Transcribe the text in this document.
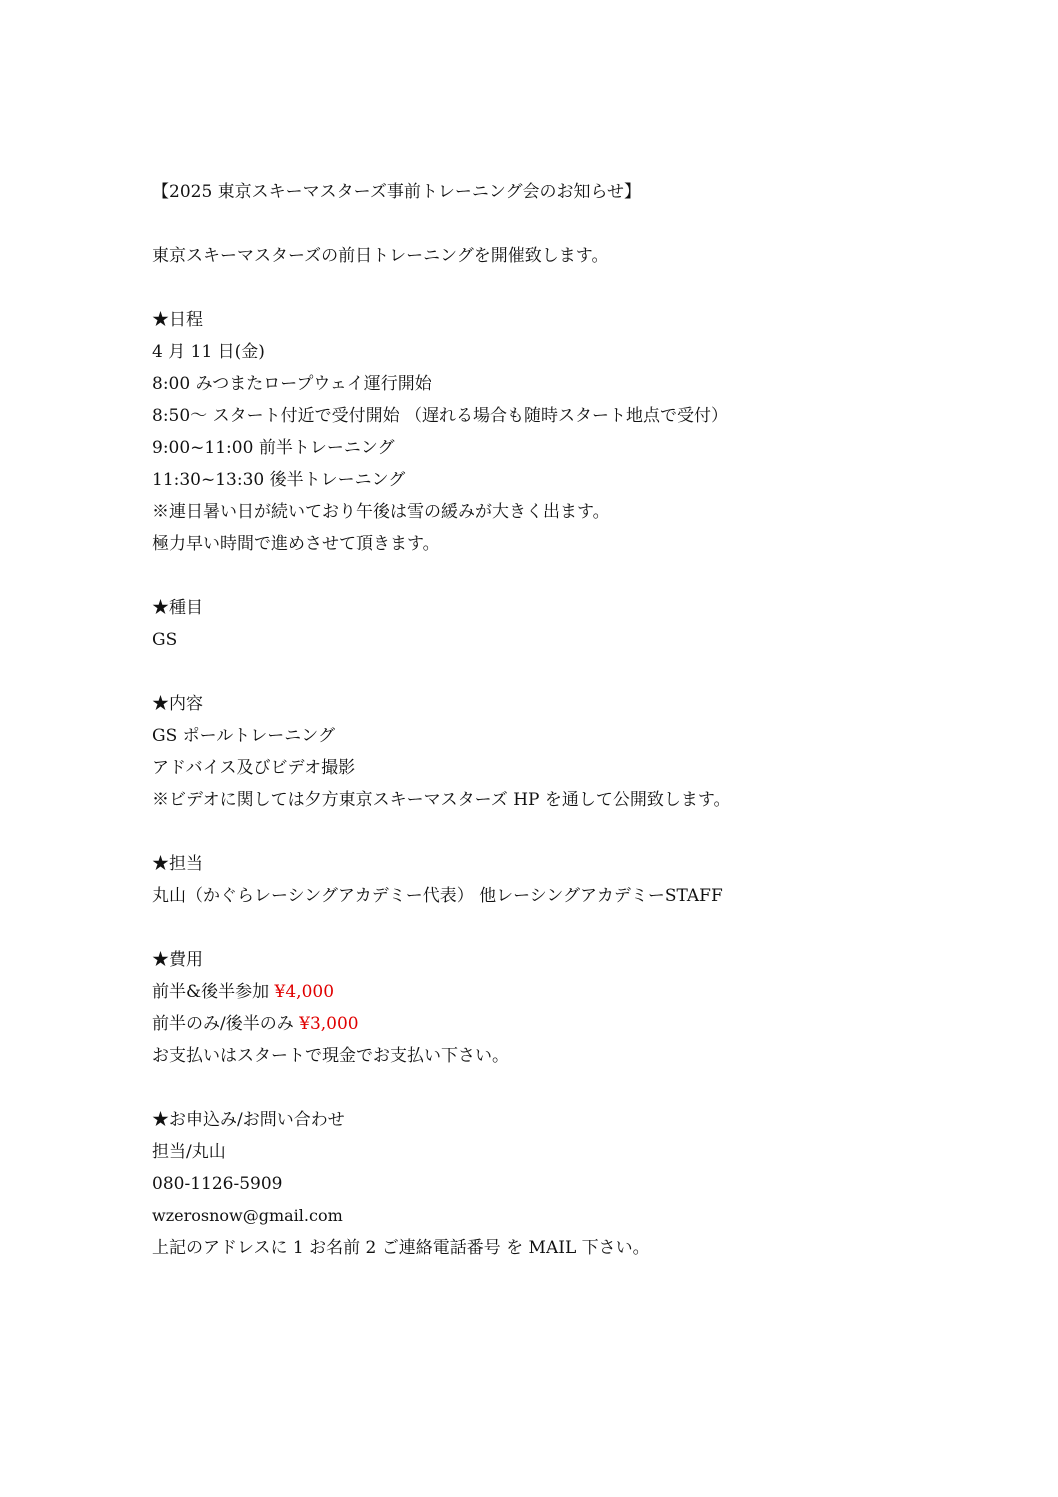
【2025 東京スキーマスターズ事前トレーニング会のお知らせ】
東京スキーマスターズの前日トレーニングを開催致します。
★日程
4 月 11 日(金)
8:00 みつまたロープウェイ運行開始
8:50～ スタート付近で受付開始 （遅れる場合も随時スタート地点で受付）
9:00~11:00 前半トレーニング
11:30~13:30 後半トレーニング
※連日暑い日が続いており午後は雪の緩みが大きく出ます。
極力早い時間で進めさせて頂きます。
★種目
GS
★内容
GS ポールトレーニング
アドバイス及びビデオ撮影
※ビデオに関しては夕方東京スキーマスターズ HP を通して公開致します。
★担当
丸山（かぐらレーシングアカデミー代表） 他レーシングアカデミーSTAFF
★費用
前半&後半参加 ¥4,000
前半のみ/後半のみ ¥3,000
お支払いはスタートで現金でお支払い下さい。
★お申込み/お問い合わせ
担当/丸山
080-1126-5909
wzerosnow@gmail.com
上記のアドレスに 1 お名前 2 ご連絡電話番号 を MAIL 下さい。
